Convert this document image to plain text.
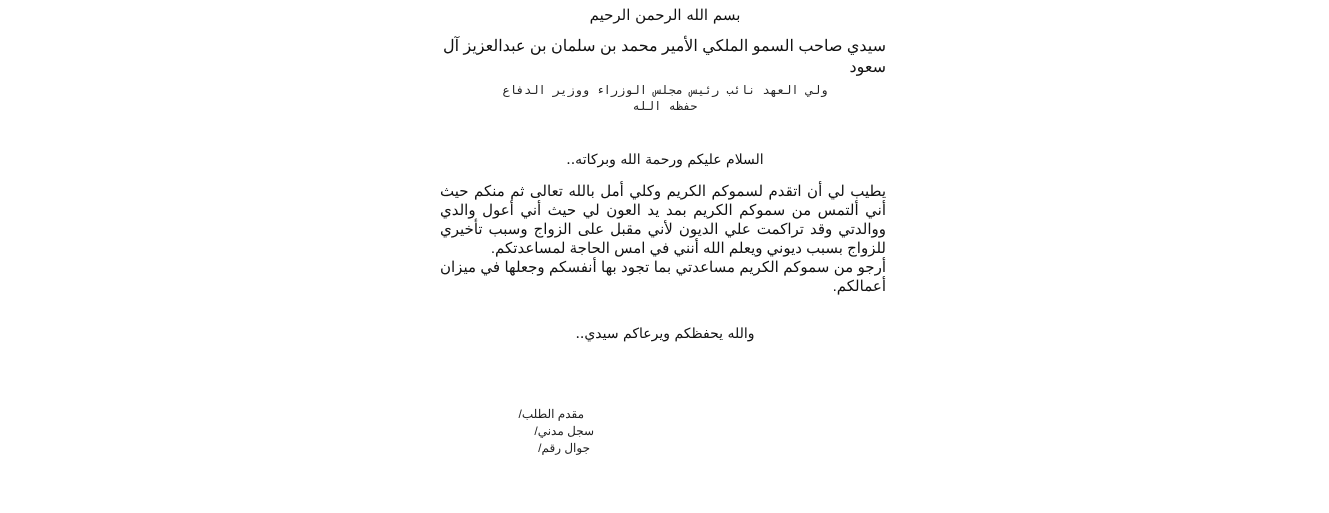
بسم الله الرحمن الرحيم
سيدي صاحب السمو الملكي الأمير محمد بن سلمان بن عبدالعزيز آل سعود
ولي العهد نائب رئيس مجلس الوزراء ووزير الدفاع
حفظه الله
السلام عليكم ورحمة الله وبركاته..

يطيب لي أن اتقدم لسموكم الكريم وكلي أمل بالله تعالى ثم منكم حيث أني ألتمس من سموكم الكريم بمد يد العون لي حيث أني أعول والدي ووالدتي وقد تراكمت علي الديون لأني مقبل على الزواج وسبب تأخيري للزواج بسبب ديوني ويعلم الله أنني في امس الحاجة لمساعدتكم.

أرجو من سموكم الكريم مساعدتي بما تجود بها أنفسكم وجعلها في ميزان أعمالكم.

والله يحفظكم ويرعاكم سيدي..
مقدم الطلب/
سجل مدني/
جوال رقم/
